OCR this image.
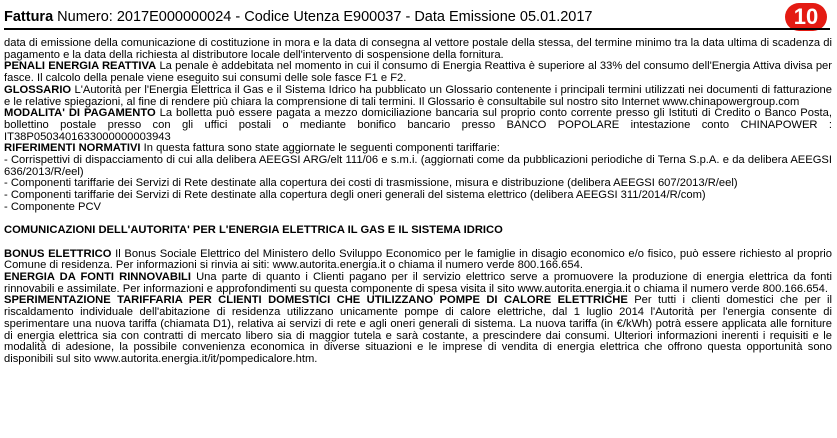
Fattura Numero: 2017E000000024 - Codice Utenza E900037 - Data Emissione 05.01.2017	10

data di emissione della comunicazione di costituzione in mora e la data di consegna al vettore postale della stessa, del termine minimo tra la data ultima di scadenza di pagamento e la data della richiesta al distributore locale dell'intervento di sospensione della fornitura.

PENALI ENERGIA REATTIVA La penale è addebitata nel momento in cui il consumo di Energia Reattiva è superiore al 33% del consumo dell'Energia Attiva divisa per fasce. Il calcolo della penale viene eseguito sui consumi delle sole fasce F1 e F2.

GLOSSARIO L'Autorità per l'Energia Elettrica il Gas e il Sistema Idrico ha pubblicato un Glossario contenente i principali termini utilizzati nei documenti di fatturazione e le relative spiegazioni, al fine di rendere più chiara la comprensione di tali termini. Il Glossario è consultabile sul nostro sito Internet www.chinapowergroup.com

MODALITA' DI PAGAMENTO La bolletta può essere pagata a mezzo domiciliazione bancaria sul proprio conto corrente presso gli Istituti di Credito o Banco Posta, bollettino postale presso con gli uffici postali o mediante bonifico bancario presso BANCO POPOLARE intestazione conto CHINAPOWER : IT38P0503401633000000003943

RIFERIMENTI NORMATIVI In questa fattura sono state aggiornate le seguenti componenti tariffarie:

- Corrispettivi di dispacciamento di cui alla delibera AEEGSI ARG/elt 111/06 e s.m.i. (aggiornati come da pubblicazioni periodiche di Terna S.p.A. e da delibera AEEGSI 636/2013/R/eel)

- Componenti tariffarie dei Servizi di Rete destinate alla copertura dei costi di trasmissione, misura e distribuzione (delibera AEEGSI 607/2013/R/eel)

- Componenti tariffarie dei Servizi di Rete destinate alla copertura degli oneri generali del sistema elettrico (delibera AEEGSI 311/2014/R/com)

- Componente PCV

COMUNICAZIONI DELL'AUTORITA' PER L'ENERGIA ELETTRICA IL GAS E IL SISTEMA IDRICO

BONUS ELETTRICO Il Bonus Sociale Elettrico del Ministero dello Sviluppo Economico per le famiglie in disagio economico e/o fisico, può essere richiesto al proprio Comune di residenza. Per informazioni si rinvia ai siti: www.autorita.energia.it o chiama il numero verde 800.166.654.

ENERGIA DA FONTI RINNOVABILI Una parte di quanto i Clienti pagano per il servizio elettrico serve a promuovere la produzione di energia elettrica da fonti rinnovabili e assimilate. Per informazioni e approfondimenti su questa componente di spesa visita il sito www.autorita.energia.it o chiama il numero verde 800.166.654.

SPERIMENTAZIONE TARIFFARIA PER CLIENTI DOMESTICI CHE UTILIZZANO POMPE DI CALORE ELETTRICHE Per tutti i clienti domestici che per il riscaldamento individuale dell'abitazione di residenza utilizzano unicamente pompe di calore elettriche, dal 1 luglio 2014 l'Autorità per l'energia consente di sperimentare una nuova tariffa (chiamata D1), relativa ai servizi di rete e agli oneri generali di sistema. La nuova tariffa (in €/kWh) potrà essere applicata alle forniture di energia elettrica sia con contratti di mercato libero sia di maggior tutela e sarà costante, a prescindere dai consumi. Ulteriori informazioni inerenti i requisiti e le modalità di adesione, la possibile convenienza economica in diverse situazioni e le imprese di vendita di energia elettrica che offrono questa opportunità sono disponibili sul sito www.autorita.energia.it/it/pompedicalore.htm.
